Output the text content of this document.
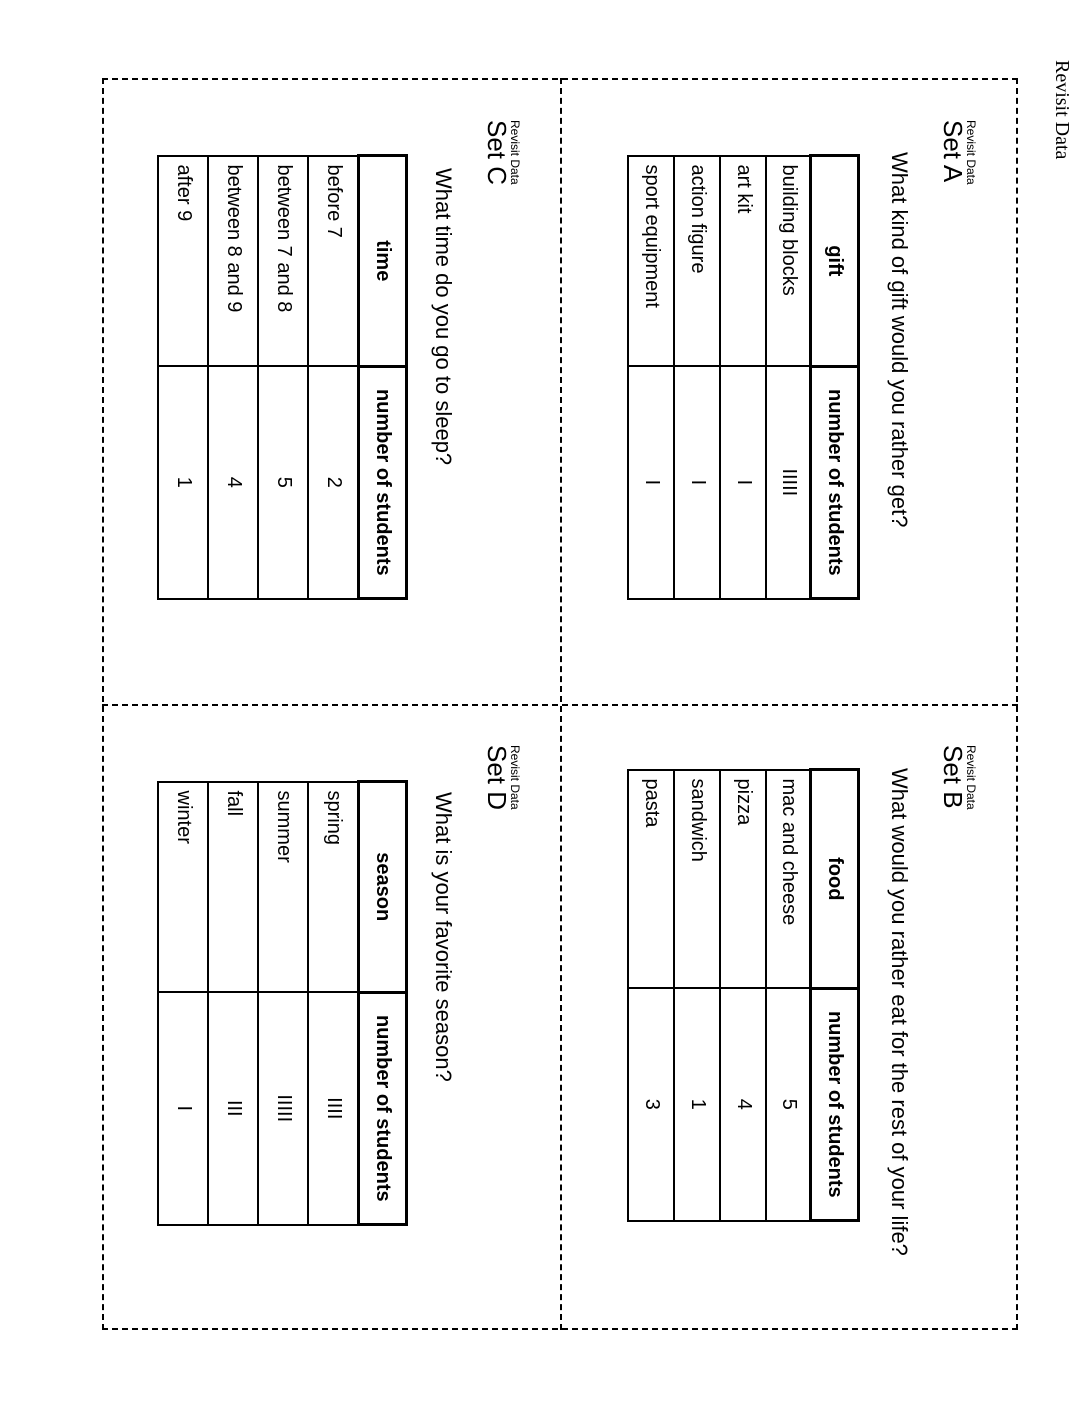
Revisit Data
Revisit Data
Set A
What kind of gift would you rather get?
gift	number of students
building blocks	IIIII
art kit	I
action figure	I
sport equipment	I
Revisit Data
Set B
What would you rather eat for the rest of your life?
food	number of students
mac and cheese	5
pizza	4
sandwich	1
pasta	3
Revisit Data
Set C
What time do you go to sleep?
time	number of students
before 7	2
between 7 and 8	5
between 8 and 9	4
after 9	1
Revisit Data
Set D
What is your favorite season?
season	number of students
spring	IIII
summer	IIIII
fall	III
winter	I
